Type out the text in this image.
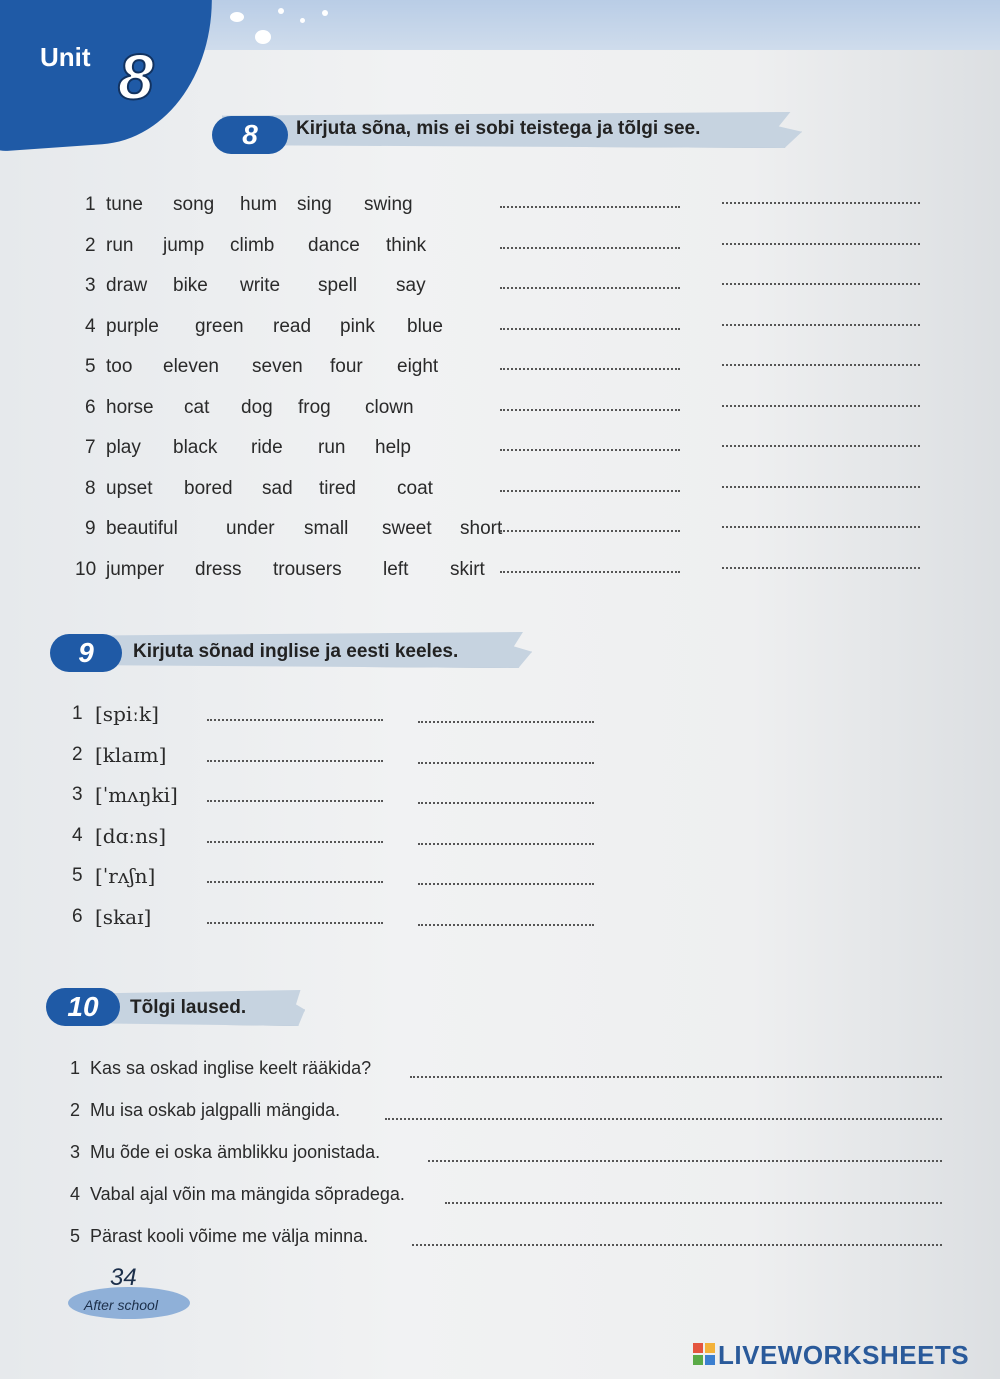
Unit 8
8	Kirjuta sõna, mis ei sobi teistega ja tõlgi see.
1 tune song hum sing swing
2 run jump climb dance think
3 draw bike write spell say
4 purple green read pink blue
5 too eleven seven four eight
6 horse cat dog frog clown
7 play black ride run help
8 upset bored sad tired coat
9 beautiful	under small sweet short
10 jumper dress trousers left skirt
9	Kirjuta sõnad inglise ja eesti keeles.
1 [spiːk]
2 [klaɪm]
3 [ˈmʌŋki]
4 [dɑːns]
5 [ˈrʌʃn]
6 [skaɪ]
10	Tõlgi laused.
1 Kas sa oskad inglise keelt rääkida?
2 Mu isa oskab jalgpalli mängida.
3 Mu õde ei oska ämblikku joonistada.
4 Vabal ajal võin ma mängida sõpradega.
5 Pärast kooli võime me välja minna.
34
After school
LIVEWORKSHEETS
